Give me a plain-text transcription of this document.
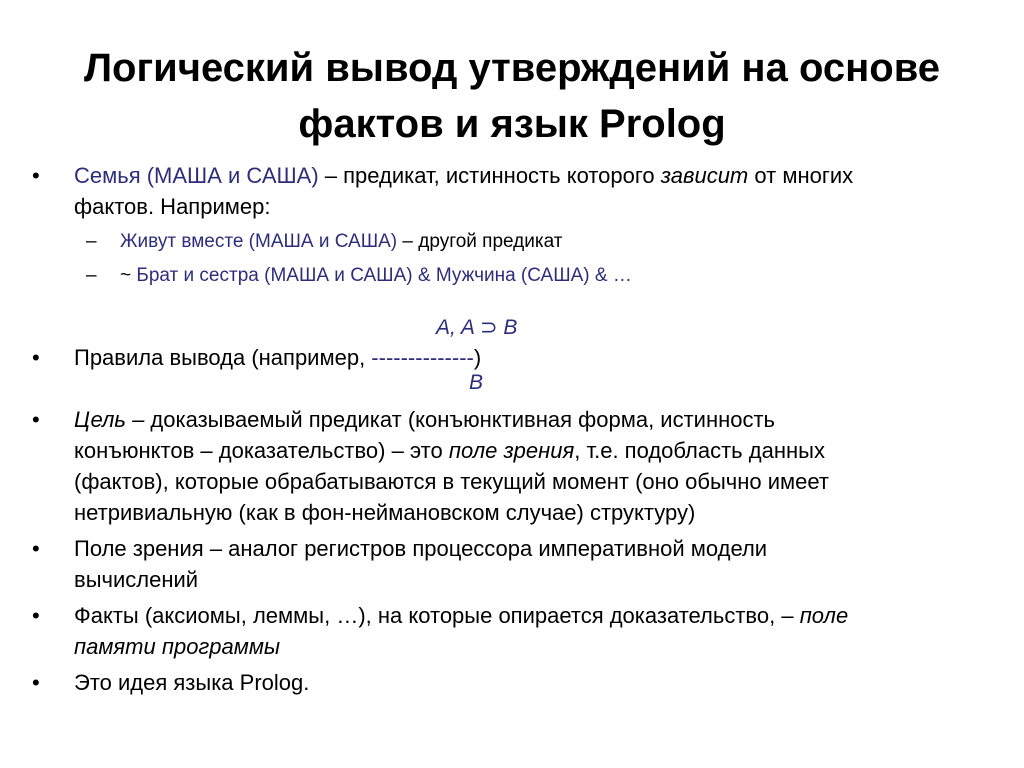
Логический вывод утверждений на основе
фактов и язык Prolog
• Семья (МАША и САША) – предикат, истинность которого зависит от многих
фактов. Например:
– Живут вместе (МАША и САША) – другой предикат
– ~ Брат и сестра (МАША и САША) & Мужчина (САША) & …
A, A ⊃ B
• Правила вывода (например, --------------)
B
• Цель – доказываемый предикат (конъюнктивная форма, истинность
конъюнктов – доказательство) – это поле зрения, т.е. подобласть данных
(фактов), которые обрабатываются в текущий момент (оно обычно имеет
нетривиальную (как в фон-неймановском случае) структуру)
• Поле зрения – аналог регистров процессора императивной модели
вычислений
• Факты (аксиомы, леммы, …), на которые опирается доказательство, – поле
памяти программы
• Это идея языка Prolog.
